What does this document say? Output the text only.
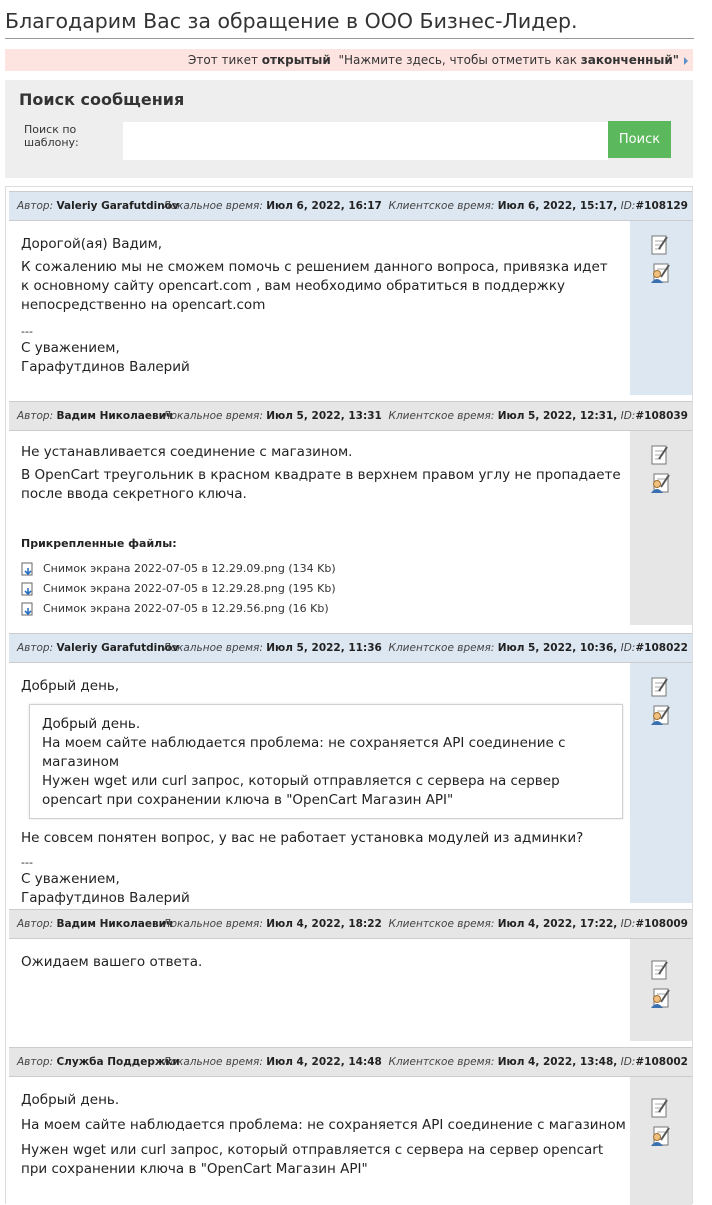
Благодарим Вас за обращение в ООО Бизнес-Лидер.
Этот тикет открытый "Нажмите здесь, чтобы отметить как законченный"
Поиск сообщения
Поиск по шаблону:	Поиск
Автор: Valeriy Garafutdinov
Локальное время: Июл 6, 2022, 16:17 Клиентское время: Июл 6, 2022, 15:17, ID:#108129

Дорогой(ая) Вадим,

К сожалению мы не сможем помочь с решением данного вопроса, привязка идет к основному сайту opencart.com , вам необходимо обратиться в поддержку непосредственно на opencart.com

---

С уважением,

Гарафутдинов Валерий

Автор: Вадим Николаевич
Локальное время: Июл 5, 2022, 13:31 Клиентское время: Июл 5, 2022, 12:31, ID:#108039

Не устанавливается соединение с магазином.

В OpenCart треугольник в красном квадрате в верхнем правом углу не пропадаете после ввода секретного ключа.

Прикрепленные файлы:
Снимок экрана 2022-07-05 в 12.29.09.png (134 Kb)
Снимок экрана 2022-07-05 в 12.29.28.png (195 Kb)
Снимок экрана 2022-07-05 в 12.29.56.png (16 Kb)
Автор: Valeriy Garafutdinov
Локальное время: Июл 5, 2022, 11:36 Клиентское время: Июл 5, 2022, 10:36, ID:#108022

Добрый день,

Добрый день.

На моем сайте наблюдается проблема: не сохраняется API соединение с магазином

Нужен wget или curl запрос, который отправляется с сервера на сервер opencart при сохранении ключа в "OpenCart Магазин API"

Не совсем понятен вопрос, у вас не работает установка модулей из админки?

---

С уважением,

Гарафутдинов Валерий

Автор: Вадим Николаевич
Локальное время: Июл 4, 2022, 18:22 Клиентское время: Июл 4, 2022, 17:22, ID:#108009

Ожидаем вашего ответа.

Автор: Служба Поддержки
Локальное время: Июл 4, 2022, 14:48 Клиентское время: Июл 4, 2022, 13:48, ID:#108002

Добрый день.

На моем сайте наблюдается проблема: не сохраняется API соединение с магазином

Нужен wget или curl запрос, который отправляется с сервера на сервер opencart при сохранении ключа в "OpenCart Магазин API"
